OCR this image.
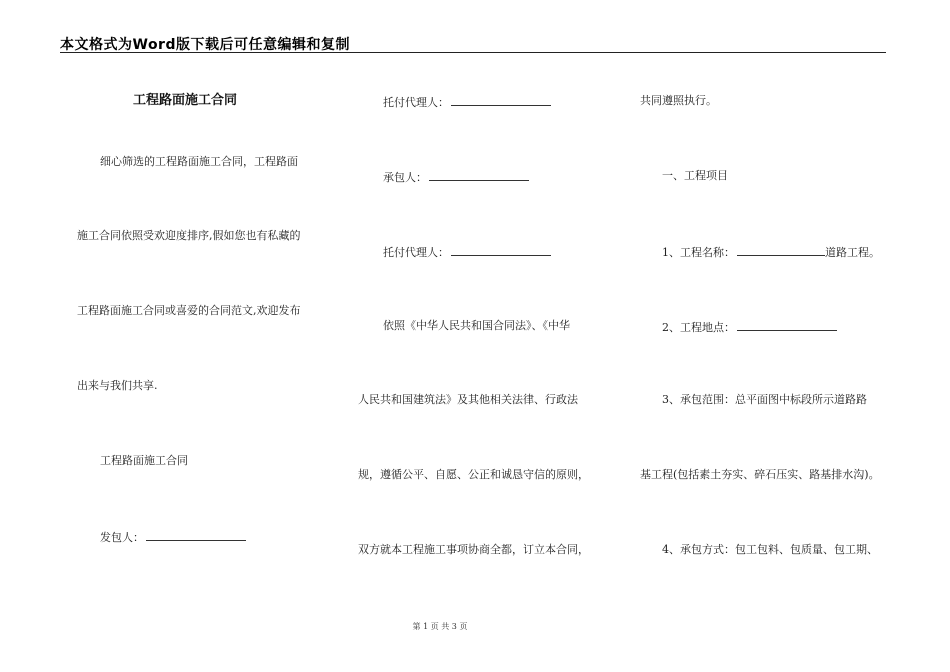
本文格式为Word版下载后可任意编辑和复制
工程路面施工合同
细心筛选的工程路面施工合同，工程路面
施工合同依照受欢迎度排序,假如您也有私藏的
工程路面施工合同或喜爱的合同范文,欢迎发布
出来与我们共享.
工程路面施工合同
发包人：
托付代理人：
承包人：
托付代理人：
依照《中华人民共和国合同法》、《中华
人民共和国建筑法》及其他相关法律、行政法
规，遵循公平、自愿、公正和诚恳守信的原则，
双方就本工程施工事项协商全都，订立本合同，
共同遵照执行。
一、工程项目
1、工程名称：	道路工程。
2、工程地点：
3、承包范围：总平面图中标段所示道路路
基工程(包括素土夯实、碎石压实、路基排水沟)。
4、承包方式：包工包料、包质量、包工期、
第 1 页 共 3 页
